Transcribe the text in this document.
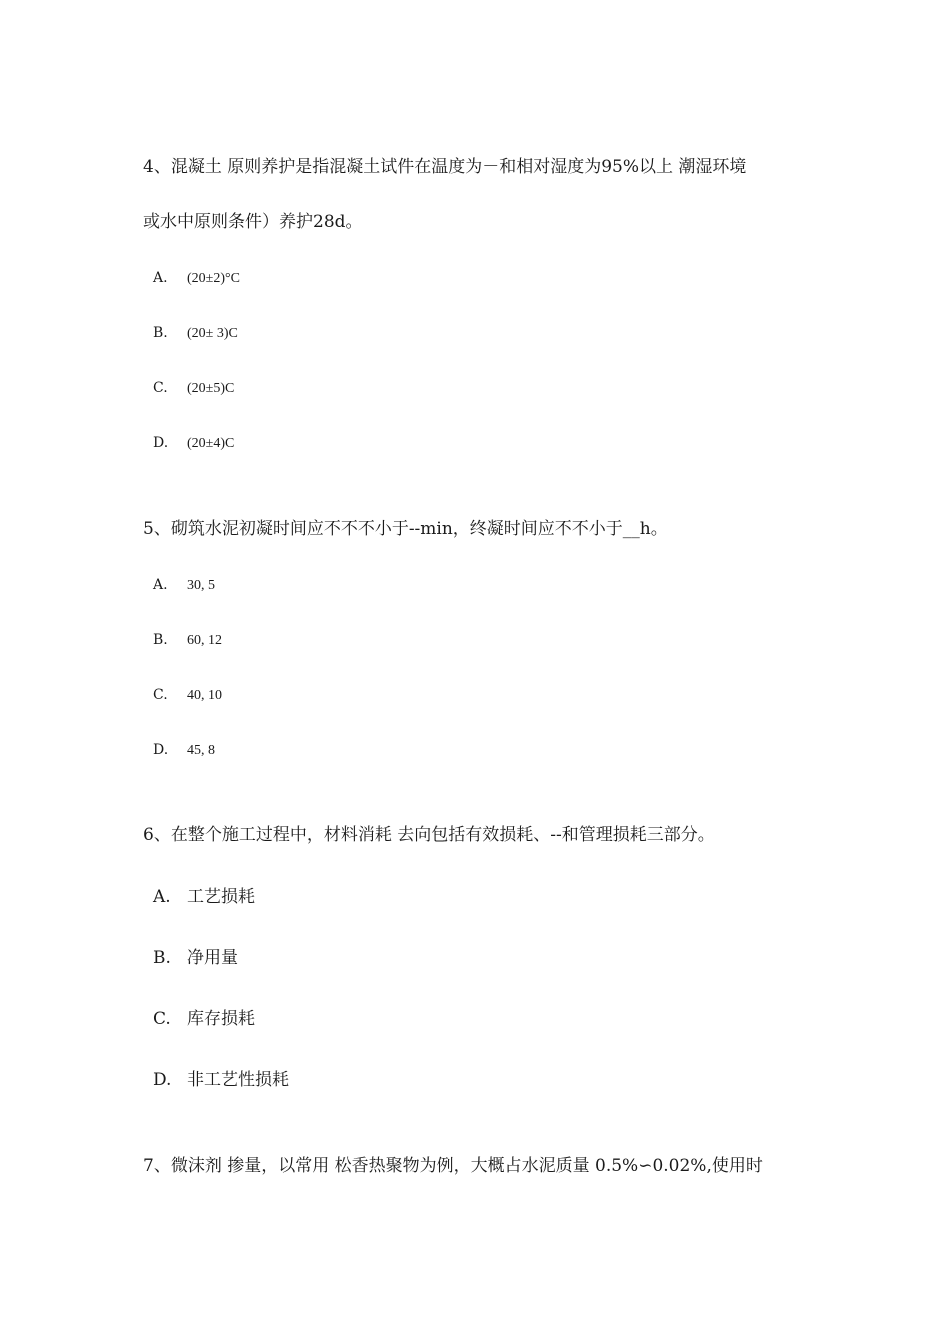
4、混凝土 原则养护是指混凝土试件在温度为－和相对湿度为95%以上 潮湿环境
或水中原则条件）养护28d。
A. (20±2)°C
B. (20± 3)C
C. (20±5)C
D. (20±4)C
5、砌筑水泥初凝时间应不不不小于--min，终凝时间应不不小于__h。
A. 30, 5
B. 60, 12
C. 40, 10
D. 45, 8
6、在整个施工过程中，材料消耗 去向包括有效损耗、--和管理损耗三部分。
A. 工艺损耗
B. 净用量
C. 库存损耗
D. 非工艺性损耗
7、微沫剂 掺量，以常用 松香热聚物为例，大概占水泥质量 0.5%∽0.02%,使用时
